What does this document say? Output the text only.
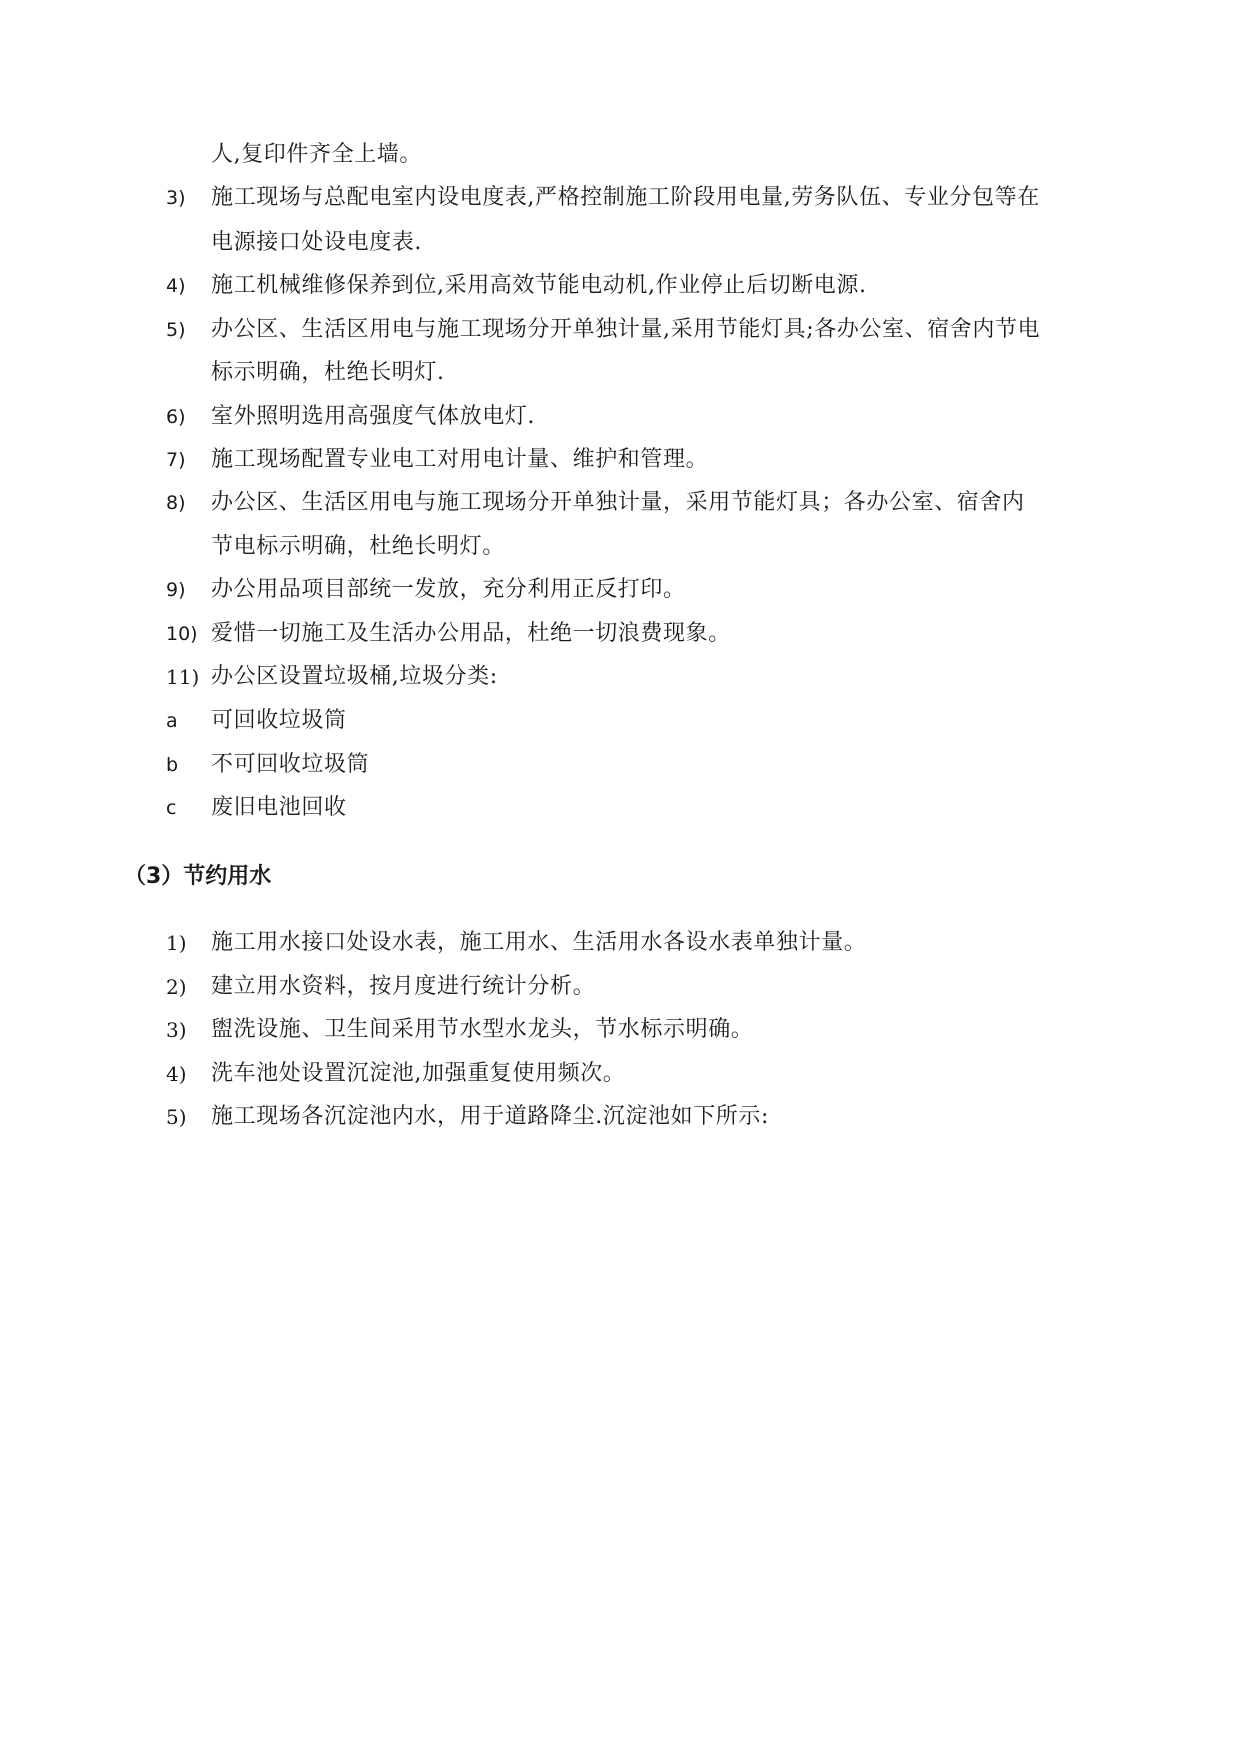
人,复印件齐全上墙。
3) 施工现场与总配电室内设电度表,严格控制施工阶段用电量,劳务队伍、专业分包等在
电源接口处设电度表.
4) 施工机械维修保养到位,采用高效节能电动机,作业停止后切断电源.
5) 办公区、生活区用电与施工现场分开单独计量,采用节能灯具;各办公室、宿舍内节电
标示明确，杜绝长明灯.
6) 室外照明选用高强度气体放电灯.
7) 施工现场配置专业电工对用电计量、维护和管理。
8) 办公区、生活区用电与施工现场分开单独计量，采用节能灯具；各办公室、宿舍内
节电标示明确，杜绝长明灯。
9) 办公用品项目部统一发放，充分利用正反打印。
10) 爱惜一切施工及生活办公用品，杜绝一切浪费现象。
11) 办公区设置垃圾桶,垃圾分类:
a 可回收垃圾筒
b 不可回收垃圾筒
c 废旧电池回收
（3）节约用水
1) 施工用水接口处设水表，施工用水、生活用水各设水表单独计量。
2) 建立用水资料，按月度进行统计分析。
3) 盥洗设施、卫生间采用节水型水龙头，节水标示明确。
4) 洗车池处设置沉淀池,加强重复使用频次。
5) 施工现场各沉淀池内水，用于道路降尘.沉淀池如下所示:
